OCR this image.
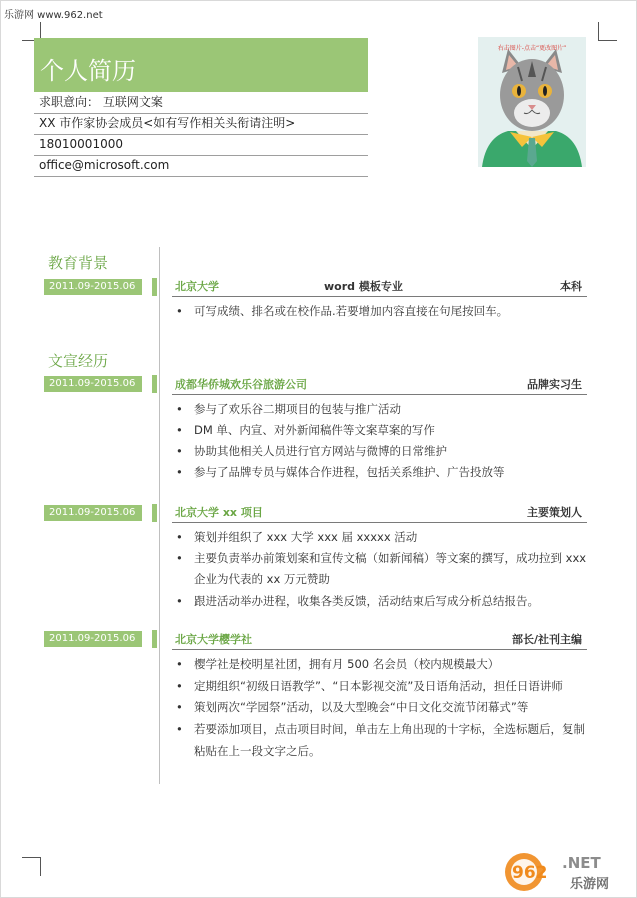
乐游网 www.962.net
个人简历
求职意向： 互联网文案
XX 市作家协会成员<如有写作相关头衔请注明>
18010001000
office@microsoft.com
右击图片-点击“更改图片”
教育背景
2011.09-2015.06	北京大学	word 模板专业	本科
• 可写成绩、排名或在校作品.若要增加内容直接在句尾按回车。
文宣经历
2011.09-2015.06	成都华侨城欢乐谷旅游公司	品牌实习生
• 参与了欢乐谷二期项目的包装与推广活动
• DM 单、内宣、对外新闻稿件等文案草案的写作
• 协助其他相关人员进行官方网站与微博的日常维护
• 参与了品牌专员与媒体合作进程，包括关系维护、广告投放等
2011.09-2015.06	北京大学 xx 项目	主要策划人
• 策划并组织了 xxx 大学 xxx 届 xxxxx 活动
• 主要负责举办前策划案和宣传文稿（如新闻稿）等文案的撰写，成功拉到 xxx
企业为代表的 xx 万元赞助
• 跟进活动举办进程，收集各类反馈，活动结束后写成分析总结报告。
2011.09-2015.06	北京大学樱学社	部长/社刊主编
• 樱学社是校明星社团，拥有月 500 名会员（校内规模最大）
• 定期组织“初级日语教学”、“日本影视交流”及日语角活动，担任日语讲师
• 策划两次“学园祭”活动，以及大型晚会“中日文化交流节闭幕式”等
• 若要添加项目，点击项目时间，单击左上角出现的十字标，全选标题后，复制
粘贴在上一段文字之后。
962 .NET
乐游网
